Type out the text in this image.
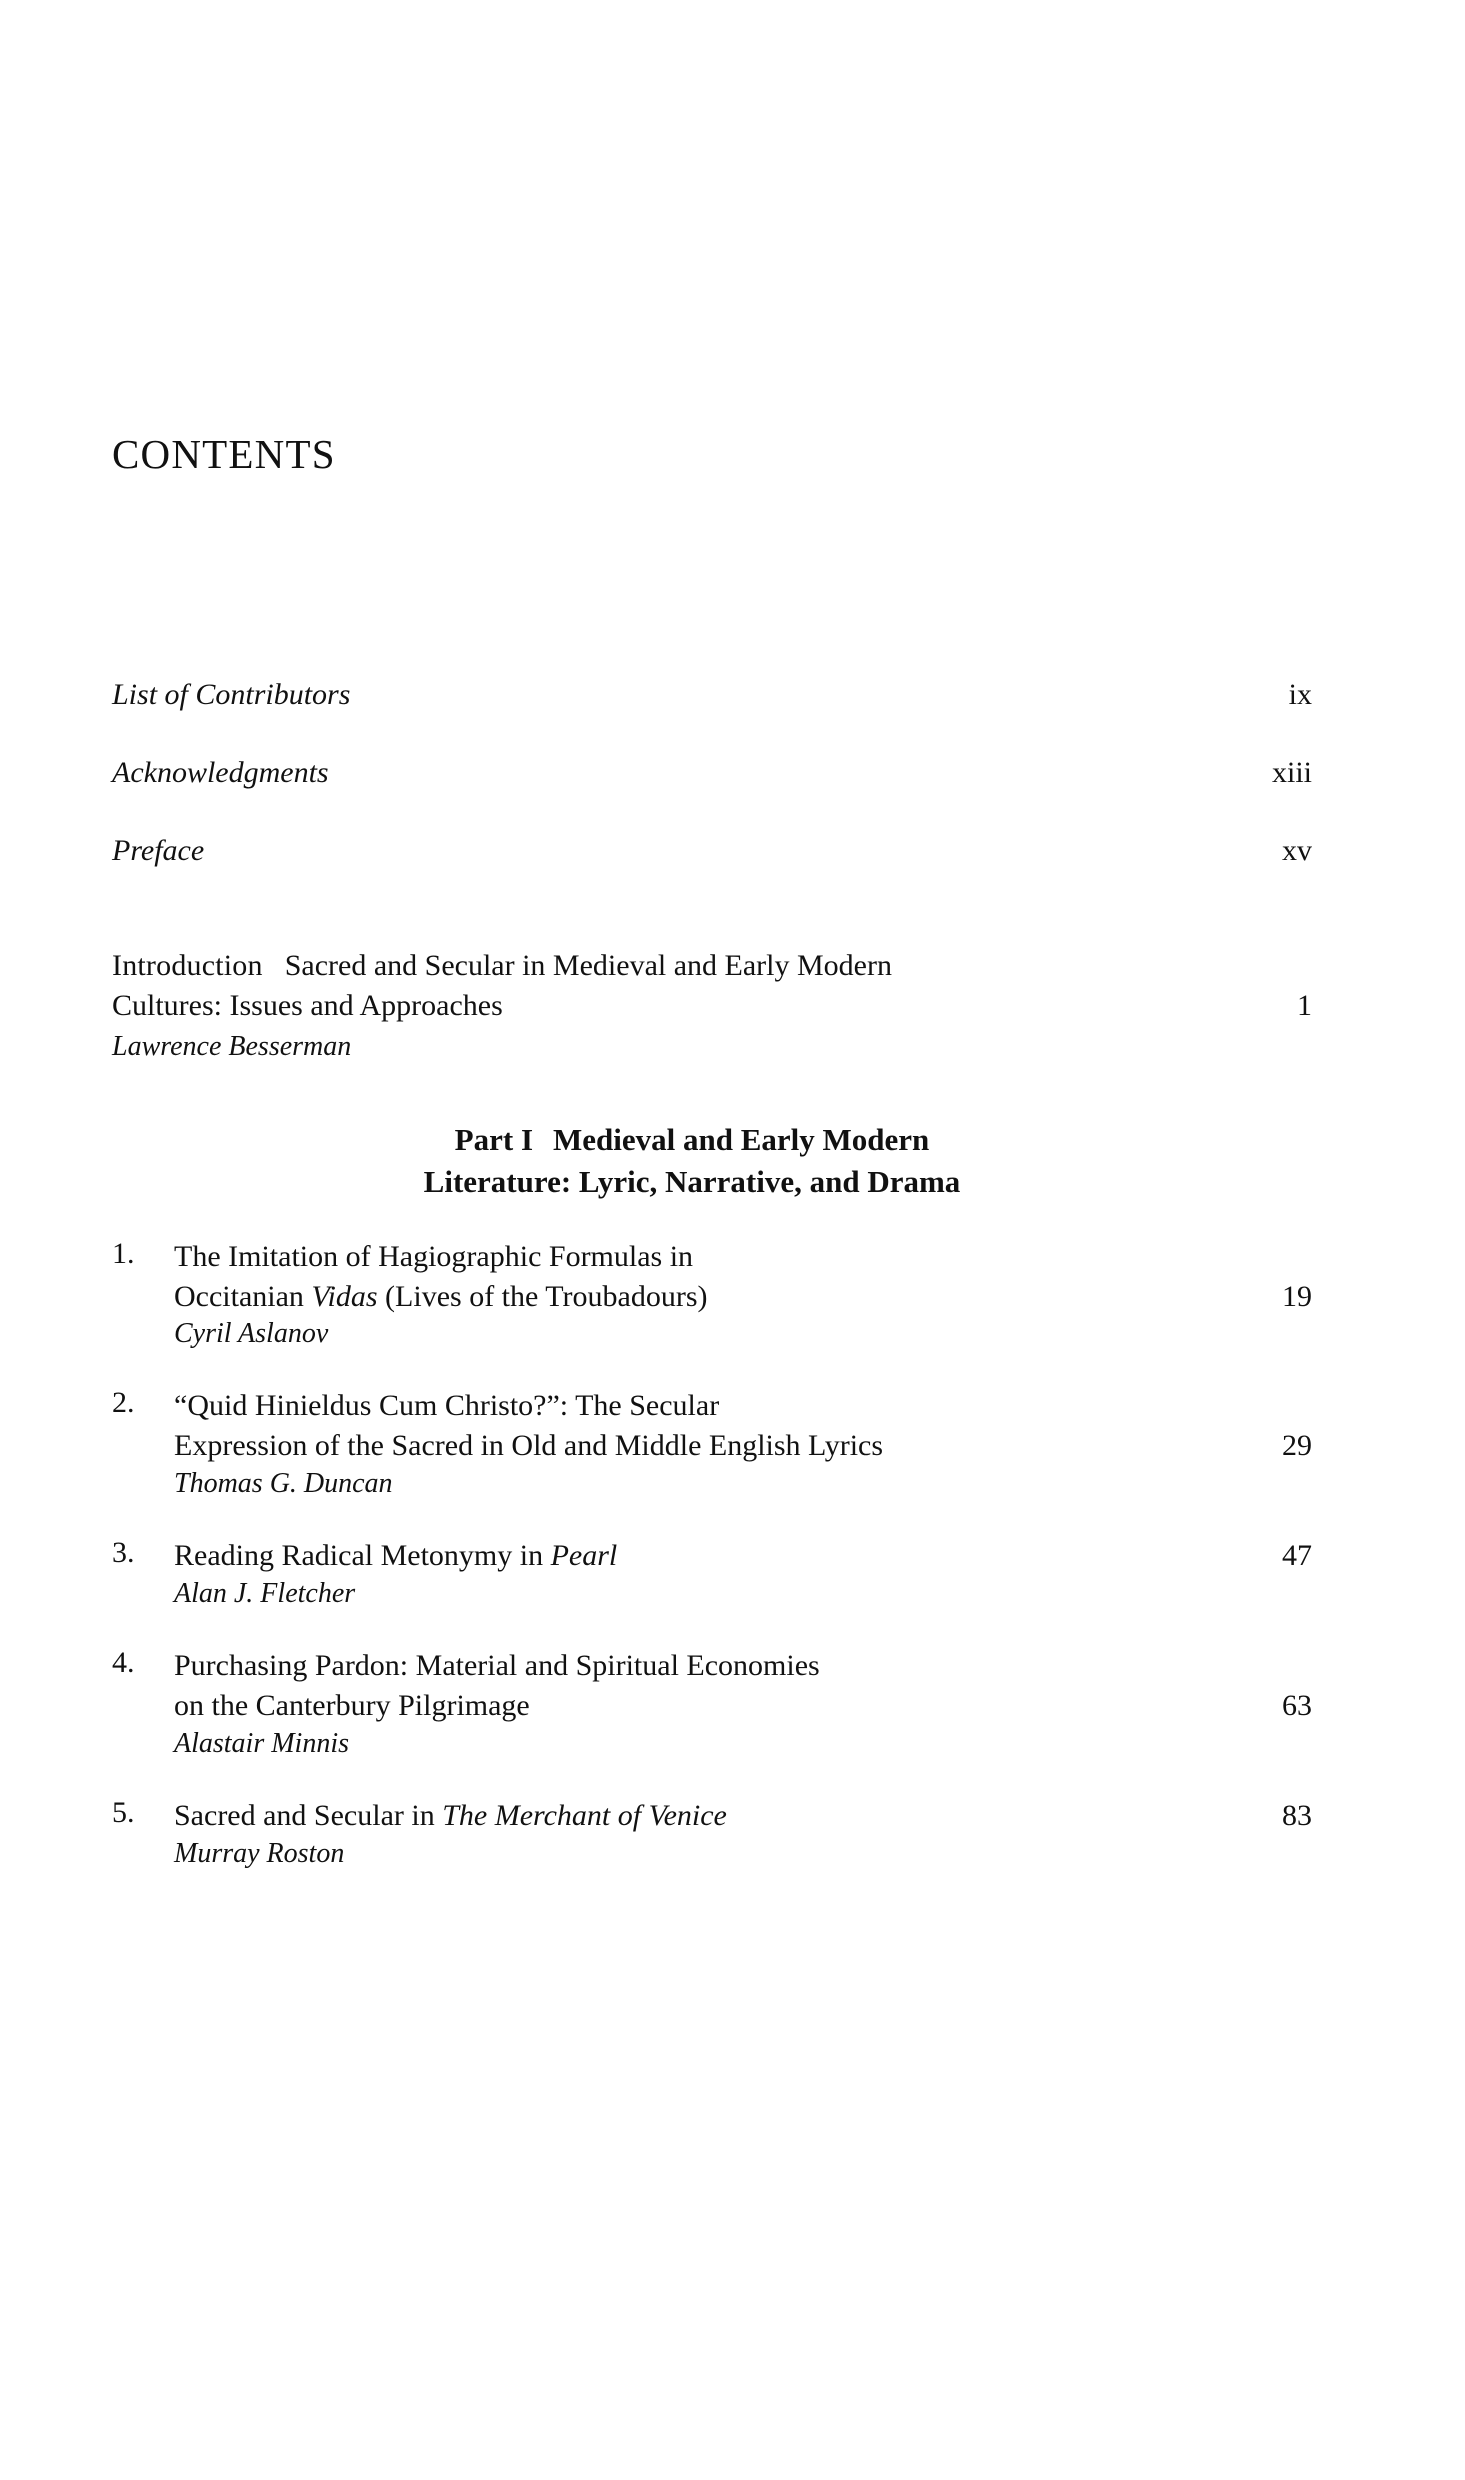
CONTENTS
List of Contributors	ix
Acknowledgments	xiii
Preface	xv
Introduction Sacred and Secular in Medieval and Early Modern
Cultures: Issues and Approaches	1
Lawrence Besserman
Part I Medieval and Early Modern
Literature: Lyric, Narrative, and Drama
1.	The Imitation of Hagiographic Formulas in
Occitanian Vidas (Lives of the Troubadours)	19
Cyril Aslanov
2.	“Quid Hinieldus Cum Christo?”: The Secular
Expression of the Sacred in Old and Middle English Lyrics	29
Thomas G. Duncan
3.	Reading Radical Metonymy in Pearl	47
Alan J. Fletcher
4.	Purchasing Pardon: Material and Spiritual Economies
on the Canterbury Pilgrimage	63
Alastair Minnis
5.	Sacred and Secular in The Merchant of Venice	83
Murray Roston
